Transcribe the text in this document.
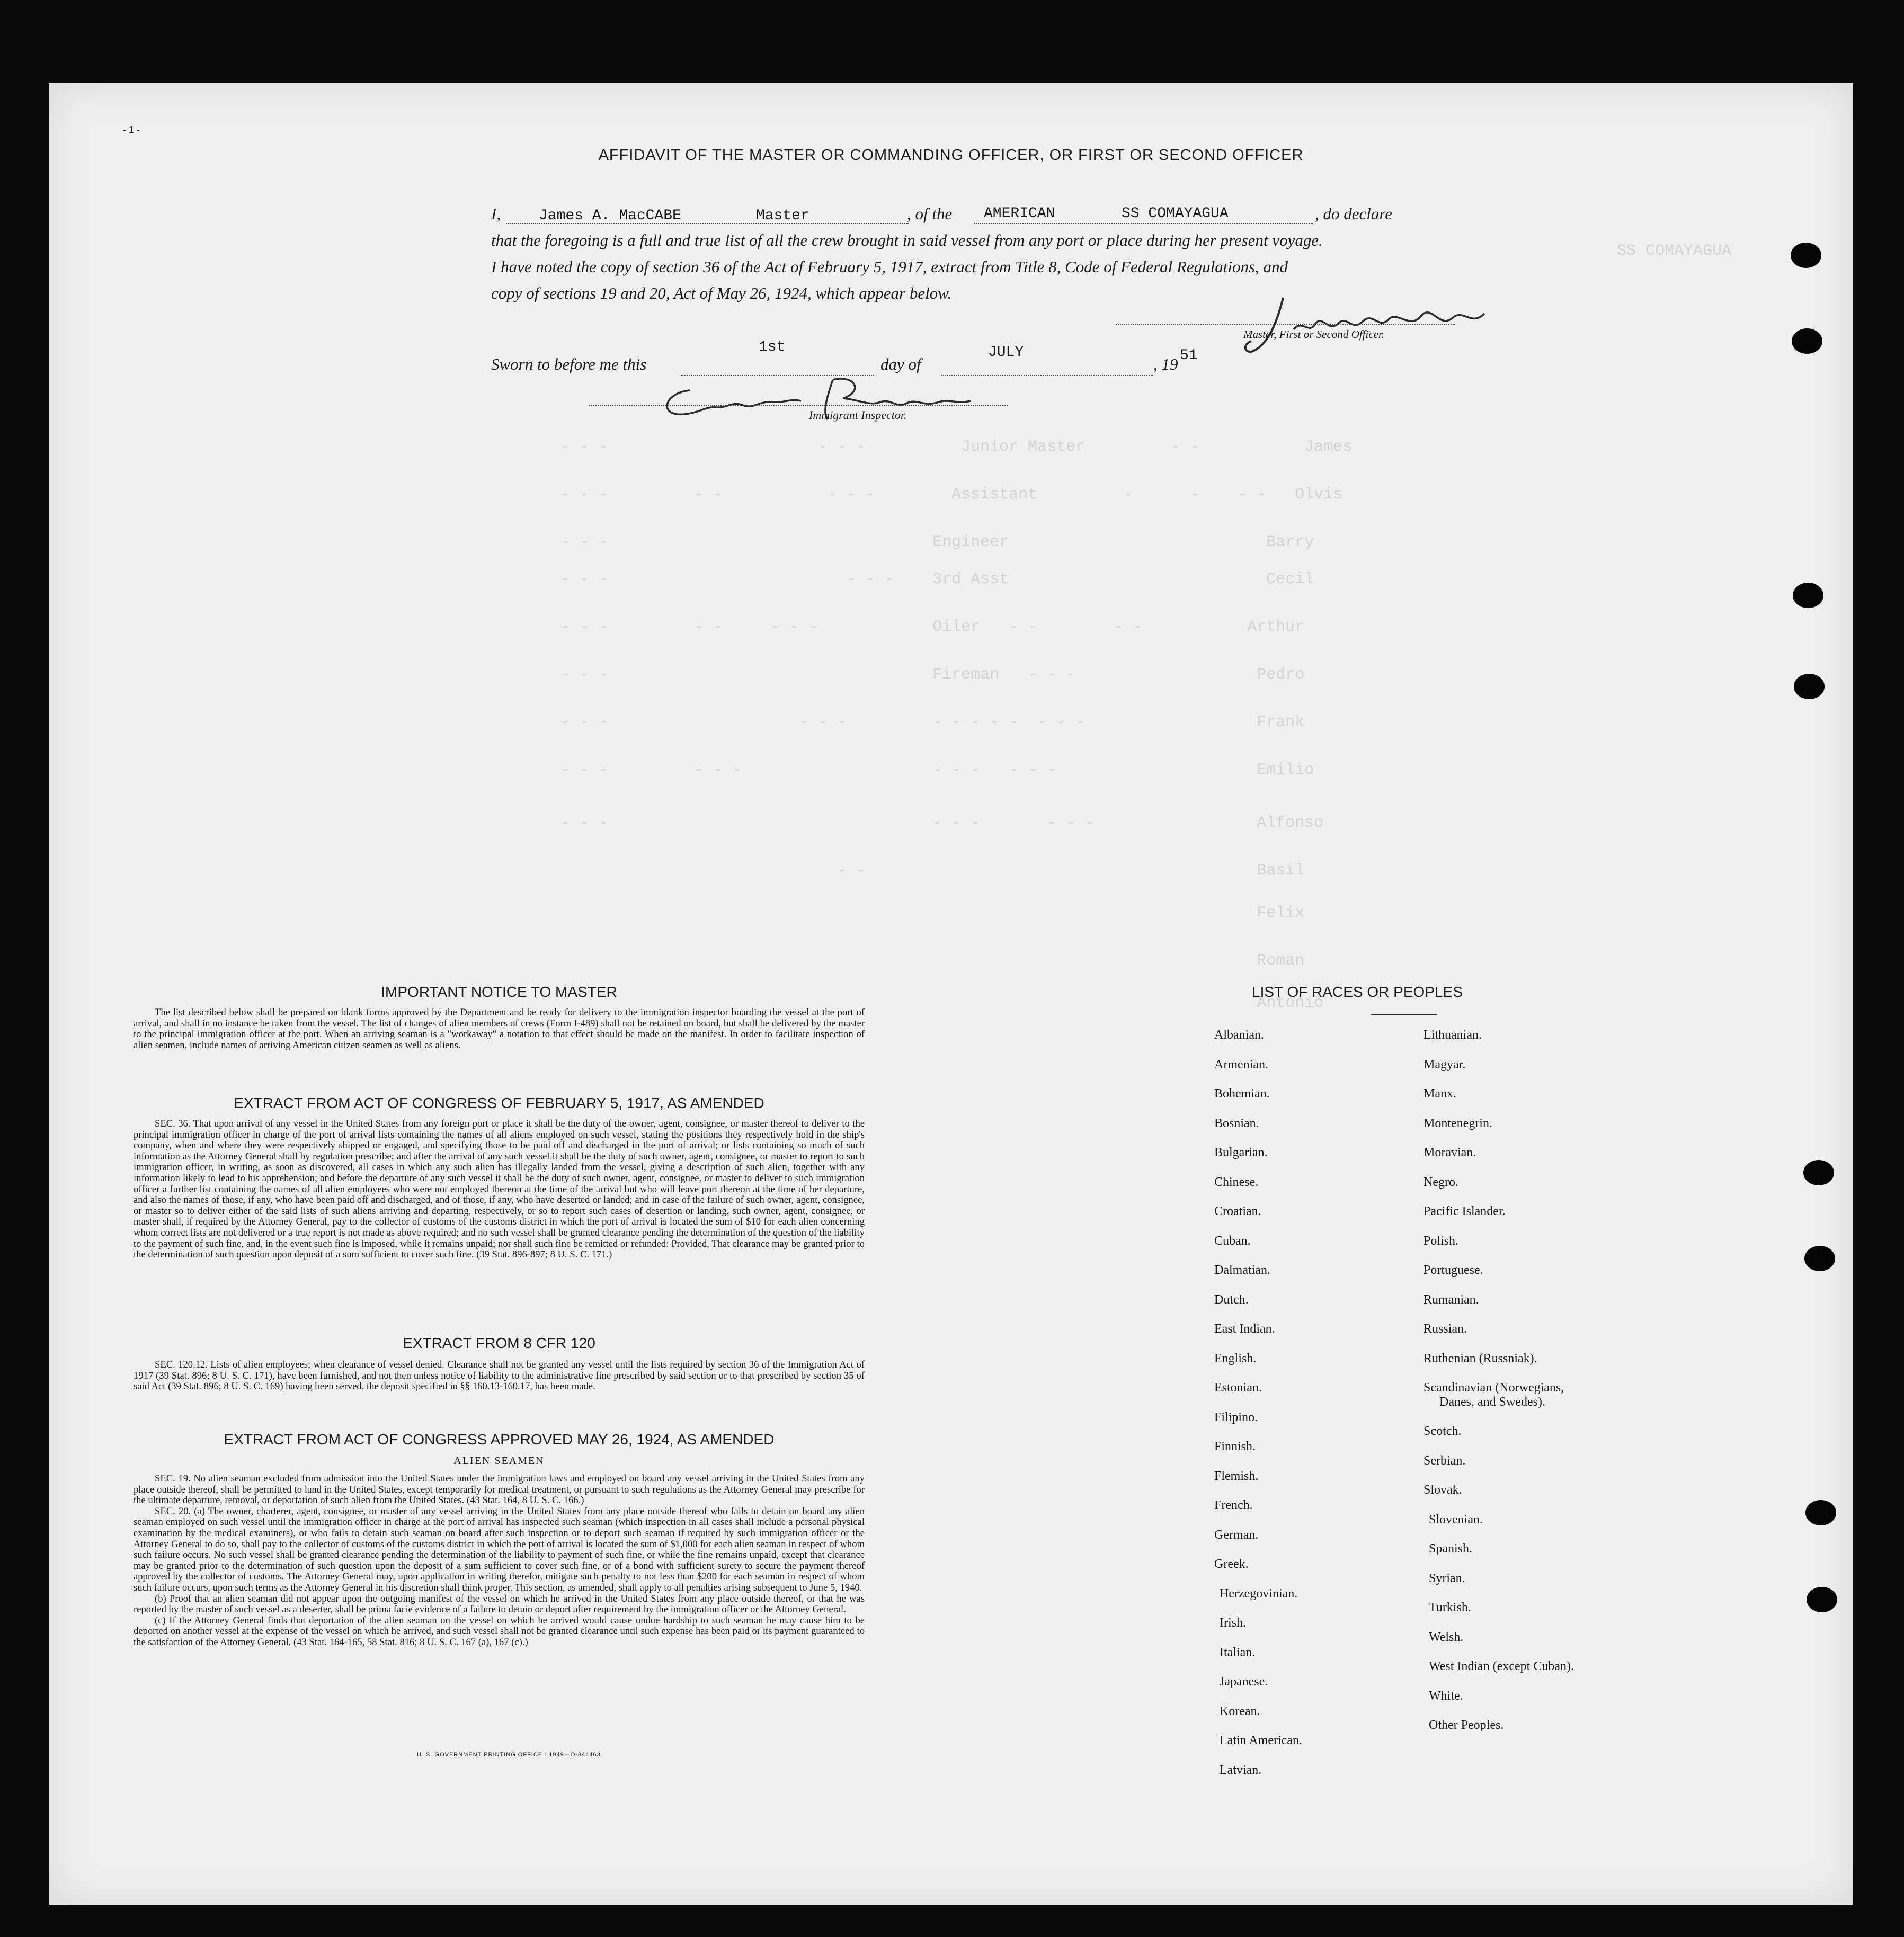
- - -                      - - -          Junior Master         - -           James
- - -         - -           - - -        Assistant         -      -    - -   Olvis
- - -                                  Engineer                           Barry
- - -                         - - -    3rd Asst                           Cecil
- - -         - -     - - -            Oiler   - -        - -           Arthur
- - -                                  Fireman   - - -                   Pedro
- - -                    - - -         - - - - -  - - -                  Frank
- - -         - - -                    - - -   - - -                     Emilio
- - -                                  - - -       - - -                 Alfonso
- -                                         Basil
Felix
Roman
Antonio
SS COMAYAGUA
- 1 -
AFFIDAVIT OF THE MASTER OR COMMANDING OFFICER, OR FIRST OR SECOND OFFICER
I,	James A. MacCABE	Master	, of the AMERICAN	SS COMAYAGUA	, do declare
that the foregoing is a full and true list of all the crew brought in said vessel from any port or place during her present voyage.
I have noted the copy of section 36 of the Act of February 5, 1917, extract from Title 8, Code of Federal Regulations, and
copy of sections 19 and 20, Act of May 26, 1924, which appear below.
Master, First or Second Officer.
Sworn to before me this
1st
day of
JULY
, 19 51
Immigrant Inspector.
IMPORTANT NOTICE TO MASTER

The list described below shall be prepared on blank forms approved by the Department and be ready for delivery to the immigration inspector boarding the vessel at the port of arrival, and shall in no instance be taken from the vessel. The list of changes of alien members of crews (Form I-489) shall not be retained on board, but shall be delivered by the master to the principal immigration officer at the port. When an arriving seaman is a "workaway" a notation to that effect should be made on the manifest. In order to facilitate inspection of alien seamen, include names of arriving American citizen seamen as well as aliens.

EXTRACT FROM ACT OF CONGRESS OF FEBRUARY 5, 1917, AS AMENDED

SEC. 36. That upon arrival of any vessel in the United States from any foreign port or place it shall be the duty of the owner, agent, consignee, or master thereof to deliver to the principal immigration officer in charge of the port of arrival lists containing the names of all aliens employed on such vessel, stating the positions they respectively hold in the ship's company, when and where they were respectively shipped or engaged, and specifying those to be paid off and discharged in the port of arrival; or lists containing so much of such information as the Attorney General shall by regulation prescribe; and after the arrival of any such vessel it shall be the duty of such owner, agent, consignee, or master to report to such immigration officer, in writing, as soon as discovered, all cases in which any such alien has illegally landed from the vessel, giving a description of such alien, together with any information likely to lead to his apprehension; and before the departure of any such vessel it shall be the duty of such owner, agent, consignee, or master to deliver to such immigration officer a further list containing the names of all alien employees who were not employed thereon at the time of the arrival but who will leave port thereon at the time of her departure, and also the names of those, if any, who have been paid off and discharged, and of those, if any, who have deserted or landed; and in case of the failure of such owner, agent, consignee, or master so to deliver either of the said lists of such aliens arriving and departing, respectively, or so to report such cases of desertion or landing, such owner, agent, consignee, or master shall, if required by the Attorney General, pay to the collector of customs of the customs district in which the port of arrival is located the sum of $10 for each alien concerning whom correct lists are not delivered or a true report is not made as above required; and no such vessel shall be granted clearance pending the determination of the question of the liability to the payment of such fine, and, in the event such fine is imposed, while it remains unpaid; nor shall such fine be remitted or refunded: Provided, That clearance may be granted prior to the determination of such question upon deposit of a sum sufficient to cover such fine. (39 Stat. 896-897; 8 U. S. C. 171.)

EXTRACT FROM 8 CFR 120

SEC. 120.12. Lists of alien employees; when clearance of vessel denied. Clearance shall not be granted any vessel until the lists required by section 36 of the Immigration Act of 1917 (39 Stat. 896; 8 U. S. C. 171), have been furnished, and not then unless notice of liability to the administrative fine prescribed by said section or to that prescribed by section 35 of said Act (39 Stat. 896; 8 U. S. C. 169) having been served, the deposit specified in §§ 160.13-160.17, has been made.

EXTRACT FROM ACT OF CONGRESS APPROVED MAY 26, 1924, AS AMENDED
ALIEN SEAMEN

SEC. 19. No alien seaman excluded from admission into the United States under the immigration laws and employed on board any vessel arriving in the United States from any place outside thereof, shall be permitted to land in the United States, except temporarily for medical treatment, or pursuant to such regulations as the Attorney General may prescribe for the ultimate departure, removal, or deportation of such alien from the United States. (43 Stat. 164, 8 U. S. C. 166.)

SEC. 20. (a) The owner, charterer, agent, consignee, or master of any vessel arriving in the United States from any place outside thereof who fails to detain on board any alien seaman employed on such vessel until the immigration officer in charge at the port of arrival has inspected such seaman (which inspection in all cases shall include a personal physical examination by the medical examiners), or who fails to detain such seaman on board after such inspection or to deport such seaman if required by such immigration officer or the Attorney General to do so, shall pay to the collector of customs of the customs district in which the port of arrival is located the sum of $1,000 for each alien seaman in respect of whom such failure occurs. No such vessel shall be granted clearance pending the determination of the liability to payment of such fine, or while the fine remains unpaid, except that clearance may be granted prior to the determination of such question upon the deposit of a sum sufficient to cover such fine, or of a bond with sufficient surety to secure the payment thereof approved by the collector of customs. The Attorney General may, upon application in writing therefor, mitigate such penalty to not less than $200 for each seaman in respect of whom such failure occurs, upon such terms as the Attorney General in his discretion shall think proper. This section, as amended, shall apply to all penalties arising subsequent to June 5, 1940.

(b) Proof that an alien seaman did not appear upon the outgoing manifest of the vessel on which he arrived in the United States from any place outside thereof, or that he was reported by the master of such vessel as a deserter, shall be prima facie evidence of a failure to detain or deport after requirement by the immigration officer or the Attorney General.

(c) If the Attorney General finds that deportation of the alien seaman on the vessel on which he arrived would cause undue hardship to such seaman he may cause him to be deported on another vessel at the expense of the vessel on which he arrived, and such vessel shall not be granted clearance until such expense has been paid or its payment guaranteed to the satisfaction of the Attorney General. (43 Stat. 164-165, 58 Stat. 816; 8 U. S. C. 167 (a), 167 (c).)

U. S. GOVERNMENT PRINTING OFFICE : 1949—O-844463
LIST OF RACES OR PEOPLES
Albanian.
Armenian.
Bohemian.
Bosnian.
Bulgarian.
Chinese.
Croatian.
Cuban.
Dalmatian.
Dutch.
East Indian.
English.
Estonian.
Filipino.
Finnish.
Flemish.
French.
German.
Greek.
Herzegovinian.
Irish.
Italian.
Japanese.
Korean.
Latin American.
Latvian.
Lithuanian.
Magyar.
Manx.
Montenegrin.
Moravian.
Negro.
Pacific Islander.
Polish.
Portuguese.
Rumanian.
Russian.
Ruthenian (Russniak).
Scandinavian (Norwegians,
Danes, and Swedes).
Scotch.
Serbian.
Slovak.
Slovenian.
Spanish.
Syrian.
Turkish.
Welsh.
West Indian (except Cuban).
White.
Other Peoples.
